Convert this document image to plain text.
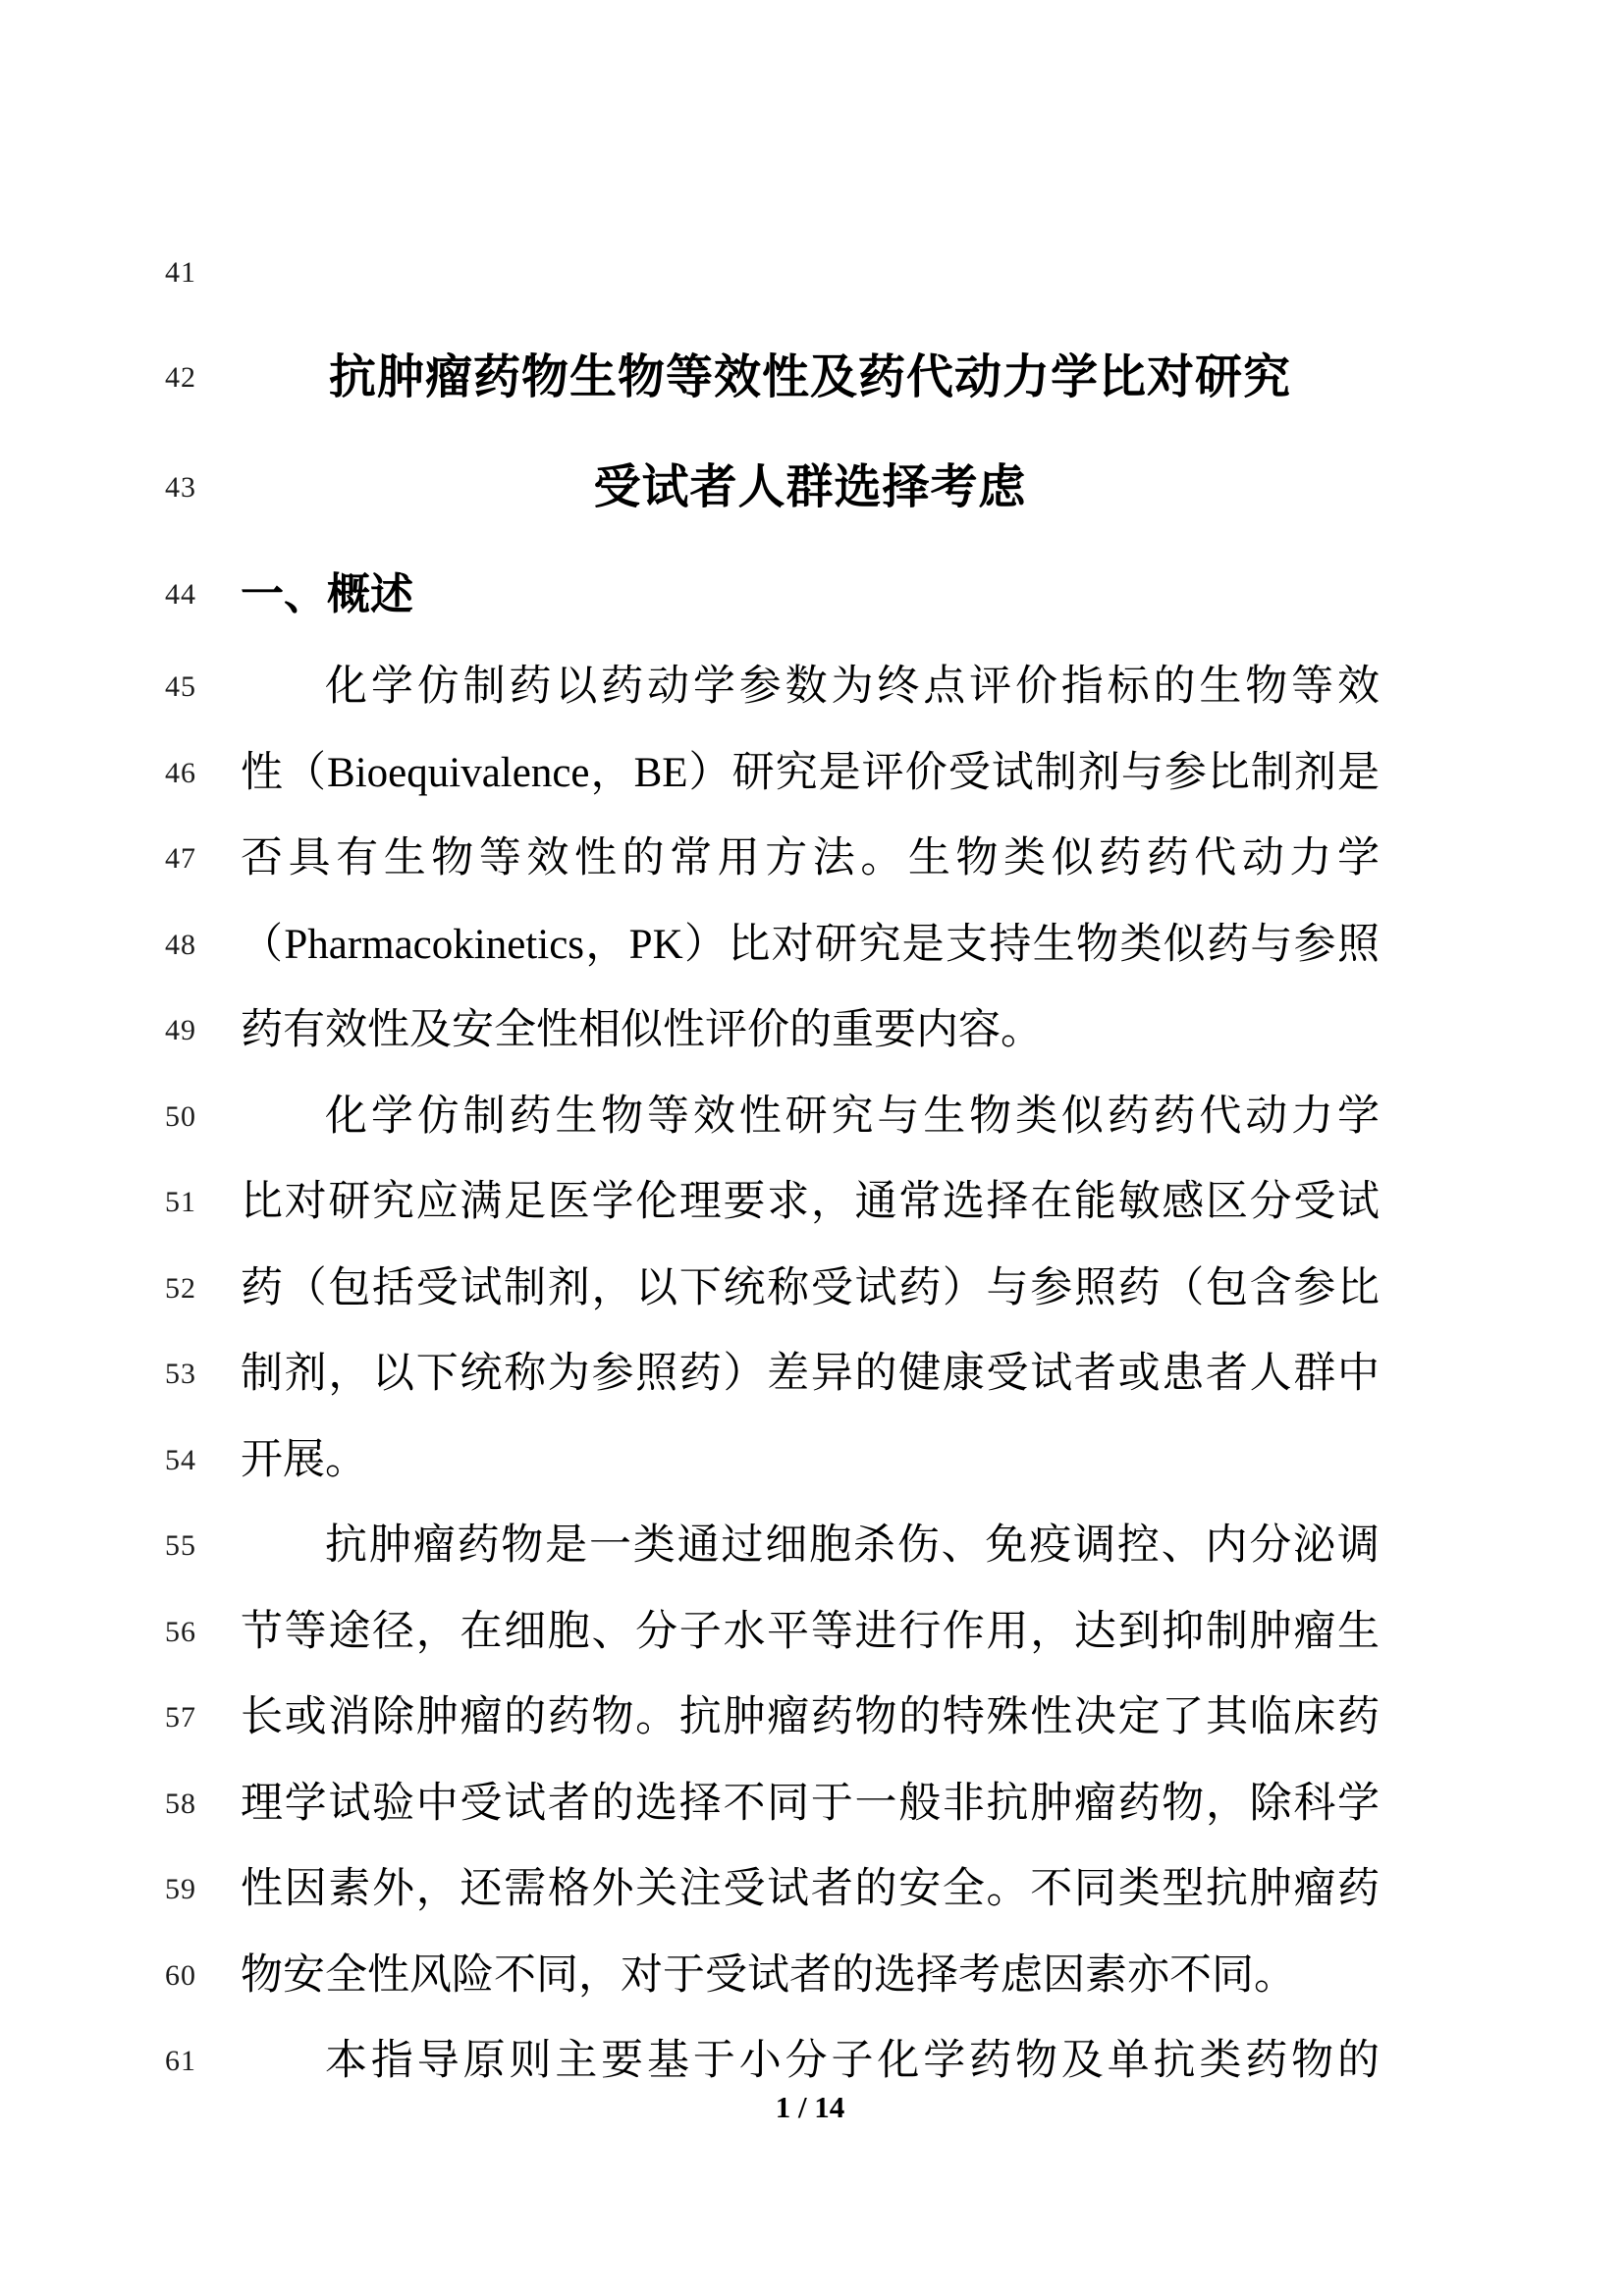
41
42	抗肿瘤药物生物等效性及药代动力学比对研究
43	受试者人群选择考虑
44	一、概述
45	化学仿制药以药动学参数为终点评价指标的生物等效
46	性（Bioequivalence，BE）研究是评价受试制剂与参比制剂是
47	否具有生物等效性的常用方法。生物类似药药代动力学
48	（Pharmacokinetics，PK）比对研究是支持生物类似药与参照
49	药有效性及安全性相似性评价的重要内容。
50	化学仿制药生物等效性研究与生物类似药药代动力学
51	比对研究应满足医学伦理要求，通常选择在能敏感区分受试
52	药（包括受试制剂，以下统称受试药）与参照药（包含参比
53	制剂，以下统称为参照药）差异的健康受试者或患者人群中
54	开展。
55	抗肿瘤药物是一类通过细胞杀伤、免疫调控、内分泌调
56	节等途径，在细胞、分子水平等进行作用，达到抑制肿瘤生
57	长或消除肿瘤的药物。抗肿瘤药物的特殊性决定了其临床药
58	理学试验中受试者的选择不同于一般非抗肿瘤药物，除科学
59	性因素外，还需格外关注受试者的安全。不同类型抗肿瘤药
60	物安全性风险不同，对于受试者的选择考虑因素亦不同。
61	本指导原则主要基于小分子化学药物及单抗类药物的
1 / 14
